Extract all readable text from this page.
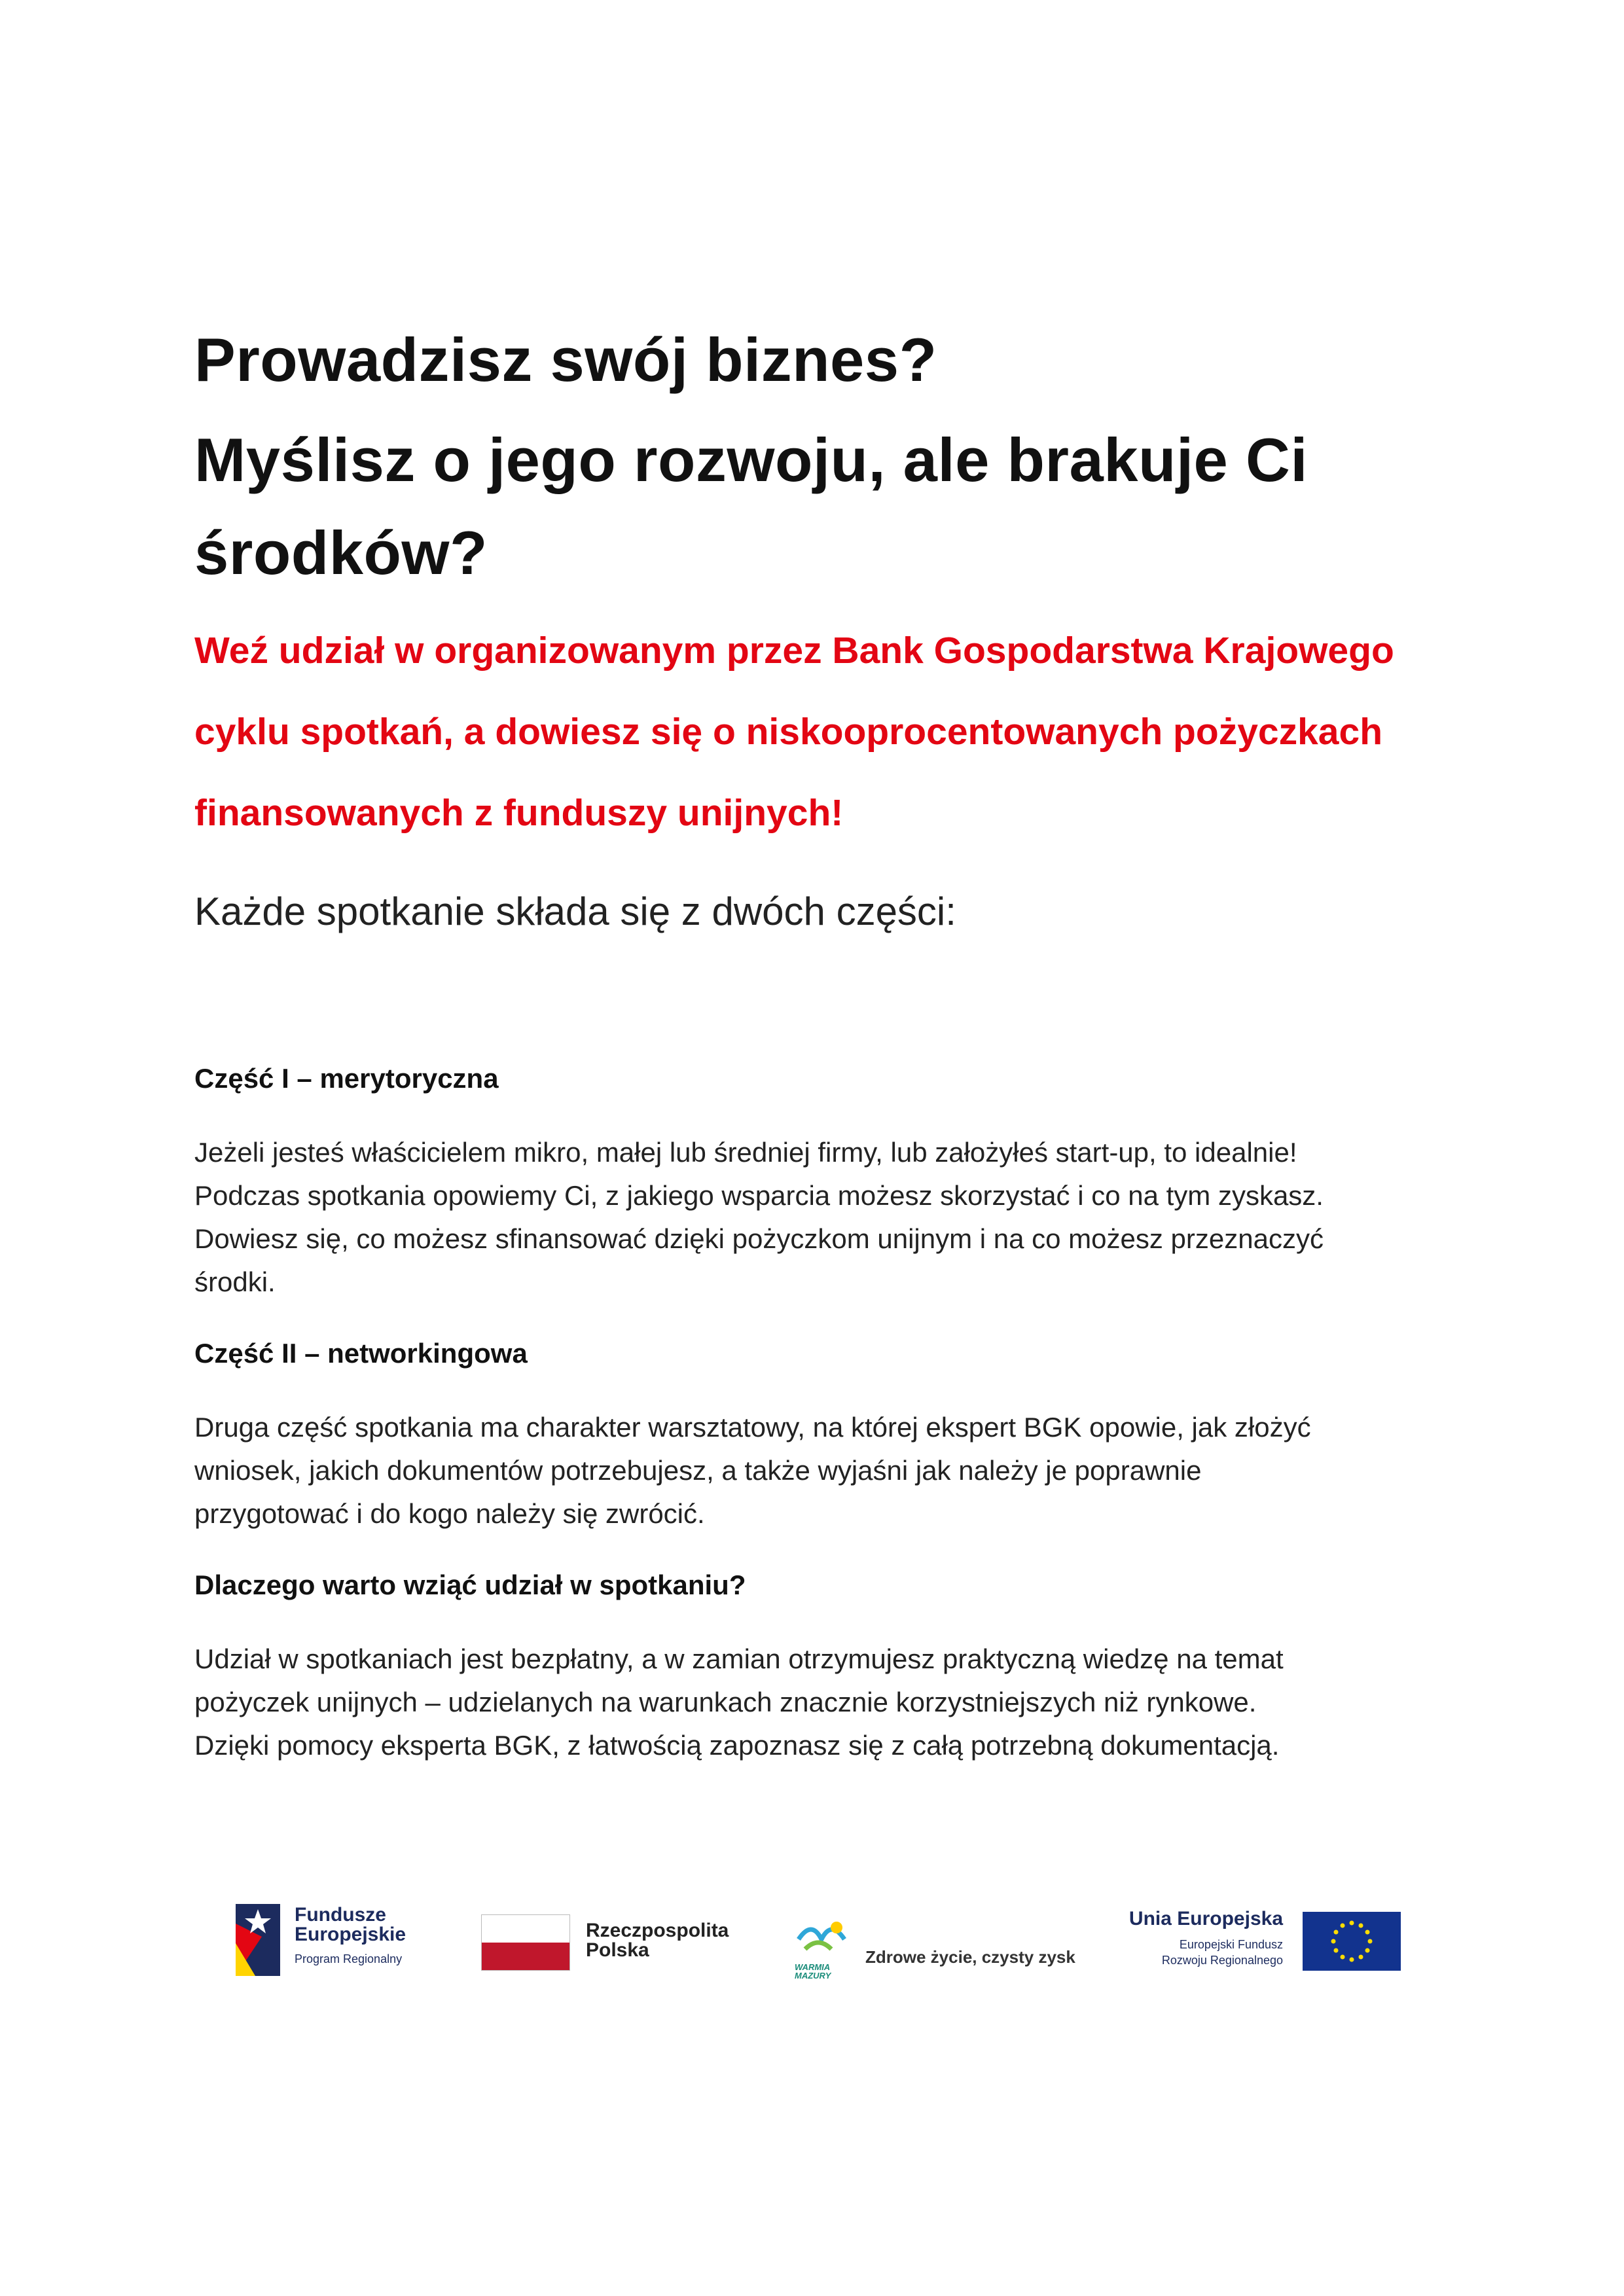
Prowadzisz swój biznes?
Myślisz o jego rozwoju, ale brakuje Ci
środków?

Weź udział w organizowanym przez Bank Gospodarstwa Krajowego
cyklu spotkań, a dowiesz się o niskooprocentowanych pożyczkach
finansowanych z funduszy unijnych!

Każde spotkanie składa się z dwóch części:

Część I – merytoryczna

Jeżeli jesteś właścicielem mikro, małej lub średniej firmy, lub założyłeś start-up, to idealnie!
Podczas spotkania opowiemy Ci, z jakiego wsparcia możesz skorzystać i co na tym zyskasz.
Dowiesz się, co możesz sfinansować dzięki pożyczkom unijnym i na co możesz przeznaczyć
środki.

Część II – networkingowa

Druga część spotkania ma charakter warsztatowy, na której ekspert BGK opowie, jak złożyć
wniosek, jakich dokumentów potrzebujesz, a także wyjaśni jak należy je poprawnie
przygotować i do kogo należy się zwrócić.

Dlaczego warto wziąć udział w spotkaniu?

Udział w spotkaniach jest bezpłatny, a w zamian otrzymujesz praktyczną wiedzę na temat
pożyczek unijnych – udzielanych na warunkach znacznie korzystniejszych niż rynkowe.
Dzięki pomocy eksperta BGK, z łatwością zapoznasz się z całą potrzebną dokumentacją.

Fundusze
Europejskie
Program Regionalny
Rzeczpospolita
Polska
WARMIA
MAZURY
Zdrowe życie, czysty zysk
Unia Europejska
Europejski Fundusz
Rozwoju Regionalnego
